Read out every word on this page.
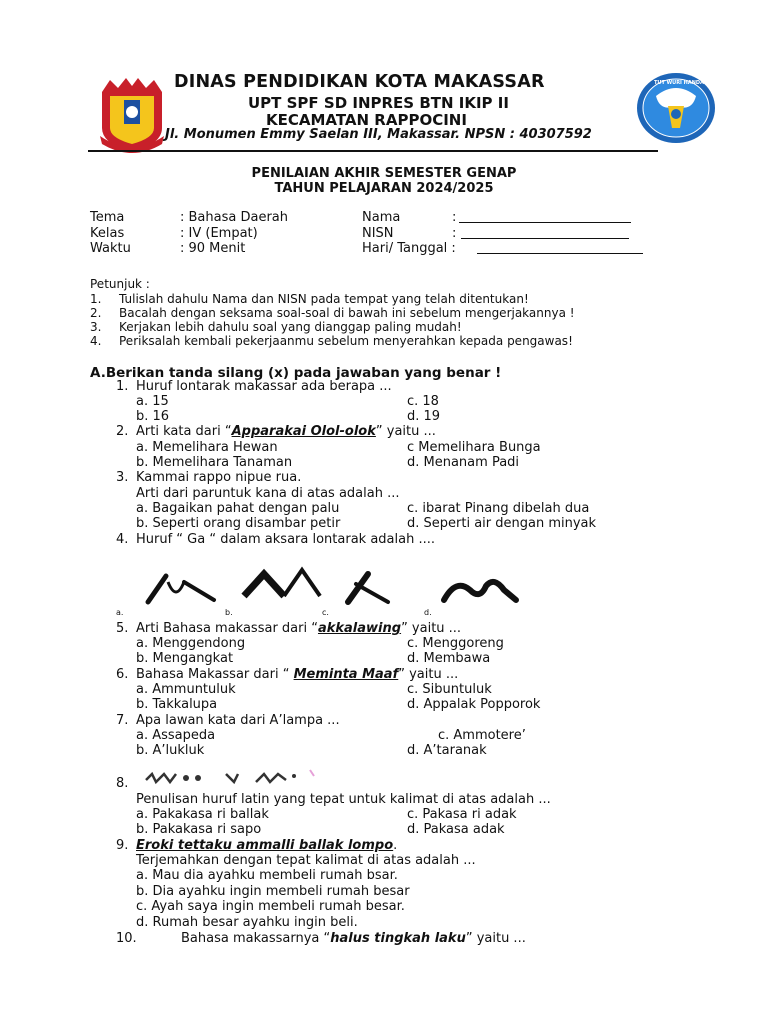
TUT WURI HANDAYANI
DINAS PENDIDIKAN KOTA MAKASSAR
UPT SPF SD INPRES BTN IKIP II
KECAMATAN RAPPOCINI
Jl. Monumen Emmy Saelan III, Makassar. NPSN : 40307592
PENILAIAN AKHIR SEMESTER GENAP
TAHUN PELAJARAN 2024/2025
Tema	: Bahasa Daerah
Kelas	: IV (Empat)
Waktu	: 90 Menit
Nama	:
NISN	:
Hari/ Tanggal :
Petunjuk :
1. Tulislah dahulu Nama dan NISN pada tempat yang telah ditentukan!
2. Bacalah dengan seksama soal-soal di bawah ini sebelum mengerjakannya !
3. Kerjakan lebih dahulu soal yang dianggap paling mudah!
4. Periksalah kembali pekerjaanmu sebelum menyerahkan kepada pengawas!
A.Berikan tanda silang (x) pada jawaban yang benar !
1. Huruf lontarak makassar ada berapa ...
a. 15
b. 16
c. 18
d. 19
2. Arti kata dari “Apparakai Olol-olok” yaitu ...
a. Memelihara Hewan
b. Memelihara Tanaman
c Memelihara Bunga
d. Menanam Padi
3. Kammai rappo nipue rua.
Arti dari paruntuk kana di atas adalah ...
a. Bagaikan pahat dengan palu
b. Seperti orang disambar petir
c. ibarat Pinang dibelah dua
d. Seperti air dengan minyak
4. Huruf “ Ga “ dalam aksara lontarak adalah ....
a.	b.	c.	d.
5. Arti Bahasa makassar dari “akkalawing” yaitu ...
a. Menggendong
b. Mengangkat
c. Menggoreng
d. Membawa
6. Bahasa Makassar dari “ Meminta Maaf” yaitu ...
a. Ammuntuluk
b. Takkalupa
c. Sibuntuluk
d. Appalak Popporok
7. Apa lawan kata dari A’lampa ...
a. Assapeda
b. A’lukluk
c. Ammotere’
d. A’taranak
8.
Penulisan huruf latin yang tepat untuk kalimat di atas adalah ...
a. Pakakasa ri ballak
b. Pakakasa ri sapo
c. Pakasa ri adak
d. Pakasa adak
9. Eroki tettaku ammalli ballak lompo.
Terjemahkan dengan tepat kalimat di atas adalah ...
a. Mau dia ayahku membeli rumah bsar.
b. Dia ayahku ingin membeli rumah besar
c. Ayah saya ingin membeli rumah besar.
d. Rumah besar ayahku ingin beli.
10.	Bahasa makassarnya “halus tingkah laku” yaitu ...
